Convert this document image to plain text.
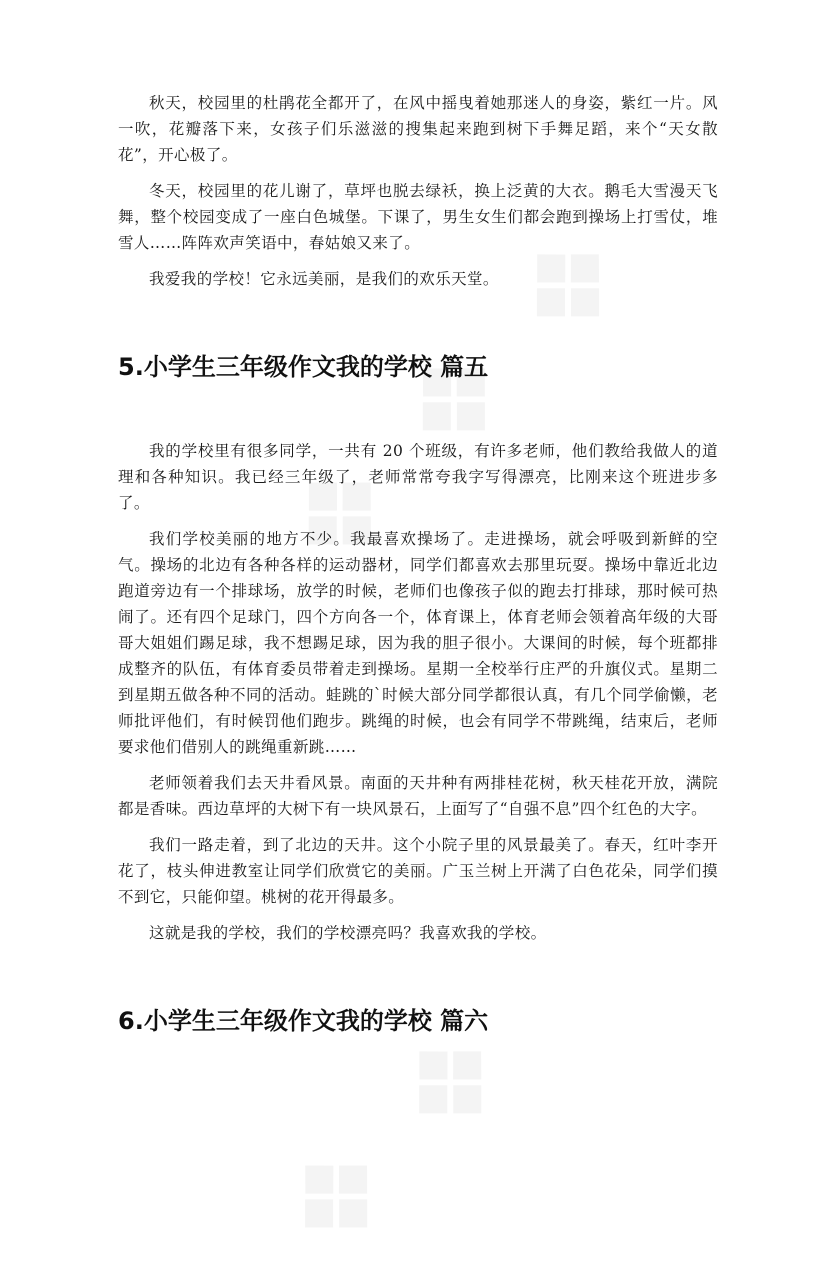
秋天，校园里的杜鹃花全都开了，在风中摇曳着她那迷人的身姿，紫红一片。风一吹，花瓣落下来，女孩子们乐滋滋的搜集起来跑到树下手舞足蹈，来个“天女散花”，开心极了。

冬天，校园里的花儿谢了，草坪也脱去绿袄，换上泛黄的大衣。鹅毛大雪漫天飞舞，整个校园变成了一座白色城堡。下课了，男生女生们都会跑到操场上打雪仗，堆雪人……阵阵欢声笑语中，春姑娘又来了。

我爱我的学校！它永远美丽，是我们的欢乐天堂。

5.小学生三年级作文我的学校 篇五

我的学校里有很多同学，一共有 20 个班级，有许多老师，他们教给我做人的道理和各种知识。我已经三年级了，老师常常夸我字写得漂亮，比刚来这个班进步多了。

我们学校美丽的地方不少。我最喜欢操场了。走进操场，就会呼吸到新鲜的空气。操场的北边有各种各样的运动器材，同学们都喜欢去那里玩耍。操场中靠近北边跑道旁边有一个排球场，放学的时候，老师们也像孩子似的跑去打排球，那时候可热闹了。还有四个足球门，四个方向各一个，体育课上，体育老师会领着高年级的大哥哥大姐姐们踢足球，我不想踢足球，因为我的胆子很小。大课间的时候，每个班都排成整齐的队伍，有体育委员带着走到操场。星期一全校举行庄严的升旗仪式。星期二到星期五做各种不同的活动。蛙跳的`时候大部分同学都很认真，有几个同学偷懒，老师批评他们，有时候罚他们跑步。跳绳的时候，也会有同学不带跳绳，结束后，老师要求他们借别人的跳绳重新跳……

老师领着我们去天井看风景。南面的天井种有两排桂花树，秋天桂花开放，满院都是香味。西边草坪的大树下有一块风景石，上面写了“自强不息”四个红色的大字。

我们一路走着，到了北边的天井。这个小院子里的风景最美了。春天，红叶李开花了，枝头伸进教室让同学们欣赏它的美丽。广玉兰树上开满了白色花朵，同学们摸不到它，只能仰望。桃树的花开得最多。

这就是我的学校，我们的学校漂亮吗？我喜欢我的学校。

6.小学生三年级作文我的学校 篇六
